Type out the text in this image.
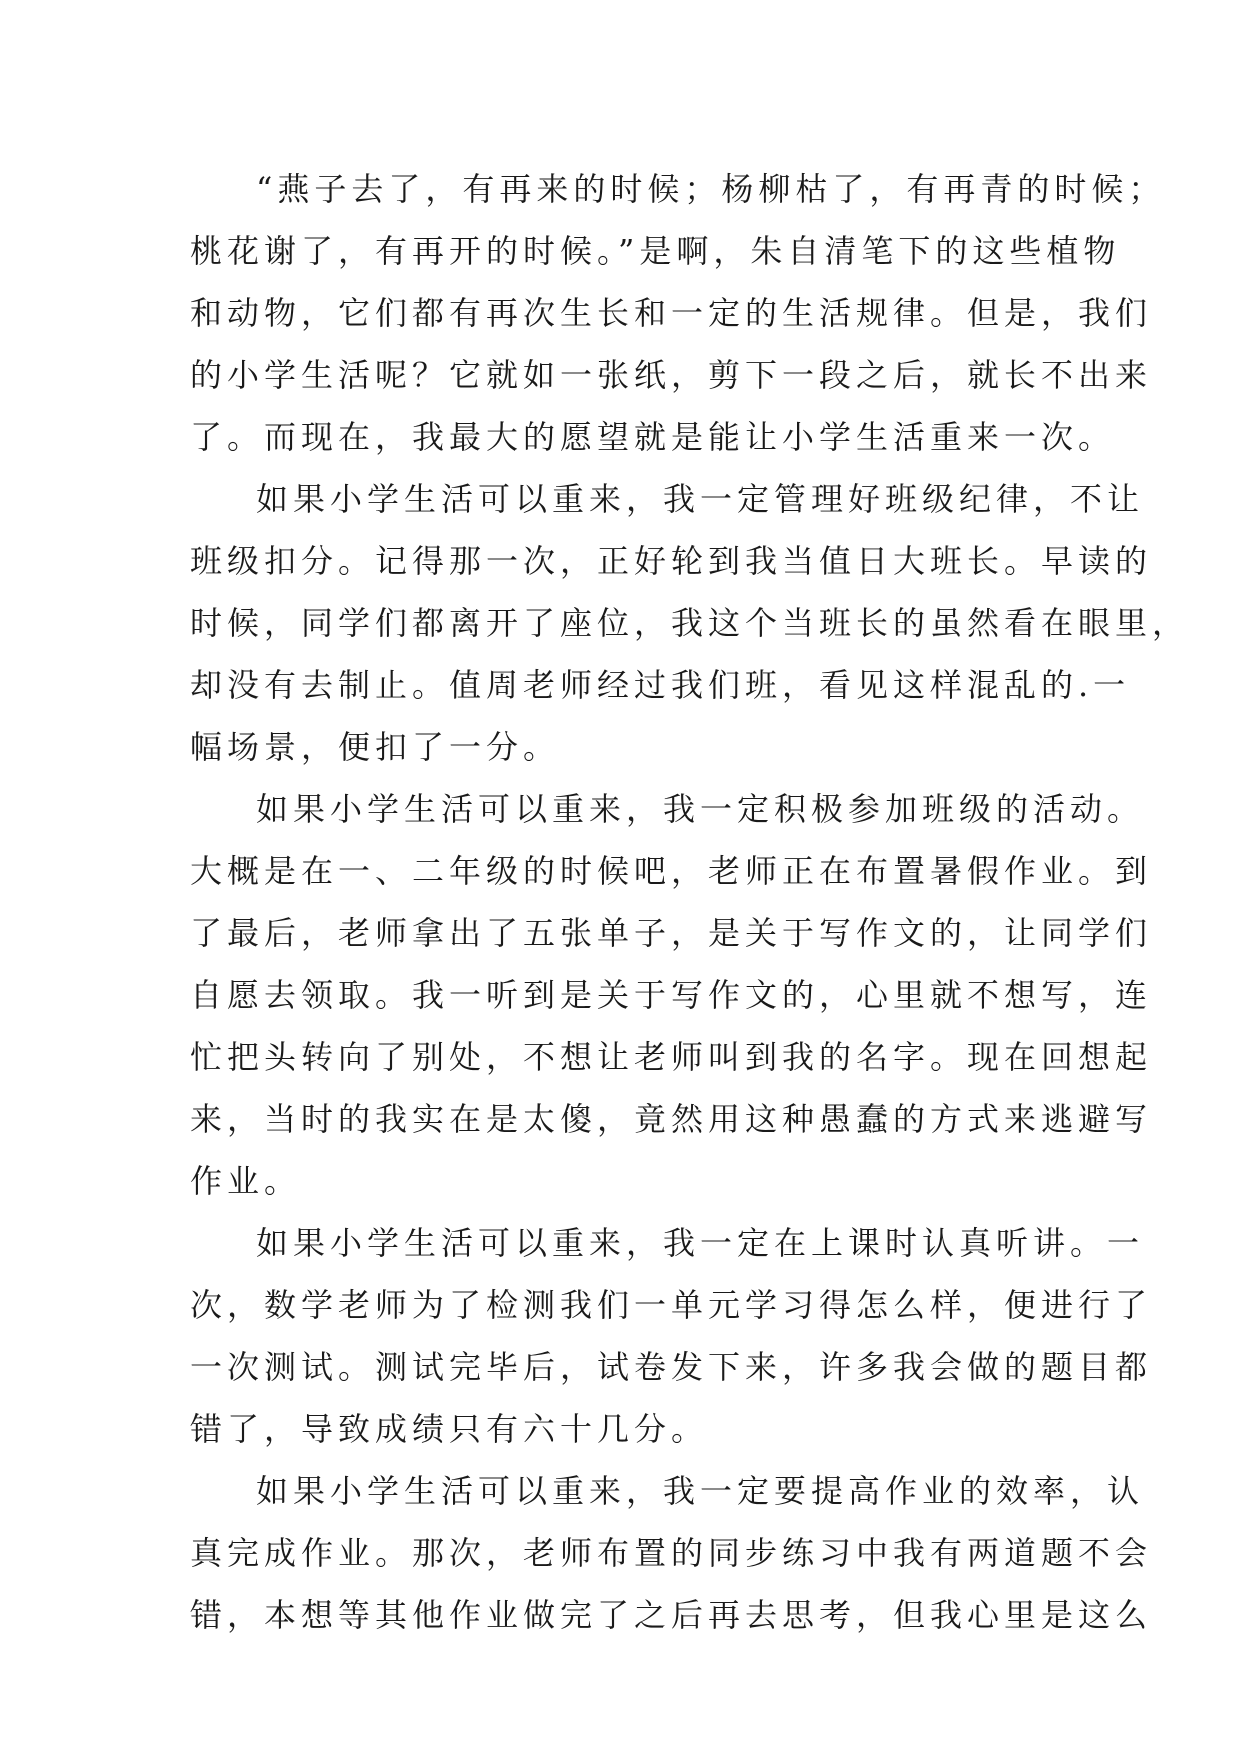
“燕子去了，有再来的时候；杨柳枯了，有再青的时候；
桃花谢了，有再开的时候。”是啊，朱自清笔下的这些植物
和动物，它们都有再次生长和一定的生活规律。但是，我们
的小学生活呢？它就如一张纸，剪下一段之后，就长不出来
了。而现在，我最大的愿望就是能让小学生活重来一次。
如果小学生活可以重来，我一定管理好班级纪律，不让
班级扣分。记得那一次，正好轮到我当值日大班长。早读的
时候，同学们都离开了座位，我这个当班长的虽然看在眼里，
却没有去制止。值周老师经过我们班，看见这样混乱的.一
幅场景，便扣了一分。
如果小学生活可以重来，我一定积极参加班级的活动。
大概是在一、二年级的时候吧，老师正在布置暑假作业。到
了最后，老师拿出了五张单子，是关于写作文的，让同学们
自愿去领取。我一听到是关于写作文的，心里就不想写，连
忙把头转向了别处，不想让老师叫到我的名字。现在回想起
来，当时的我实在是太傻，竟然用这种愚蠢的方式来逃避写
作业。
如果小学生活可以重来，我一定在上课时认真听讲。一
次，数学老师为了检测我们一单元学习得怎么样，便进行了
一次测试。测试完毕后，试卷发下来，许多我会做的题目都
错了，导致成绩只有六十几分。
如果小学生活可以重来，我一定要提高作业的效率，认
真完成作业。那次，老师布置的同步练习中我有两道题不会
错，本想等其他作业做完了之后再去思考，但我心里是这么
